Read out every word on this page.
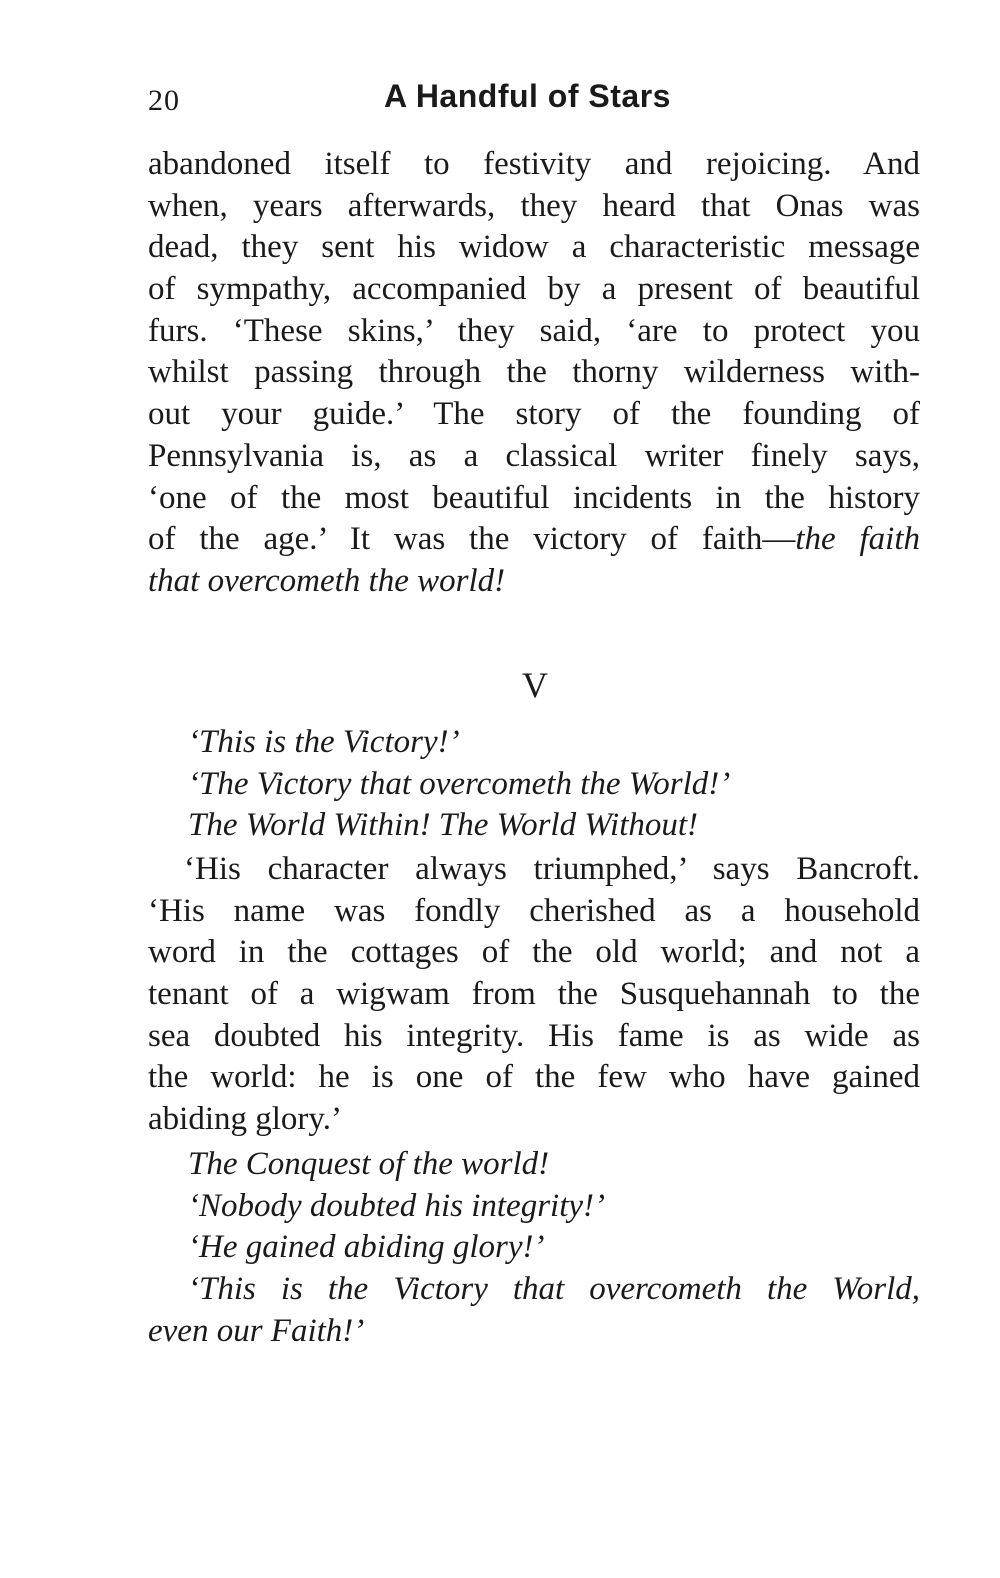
20	A Handful of Stars
abandoned itself to festivity and rejoicing. And
when, years afterwards, they heard that Onas was
dead, they sent his widow a characteristic message
of sympathy, accompanied by a present of beautiful
furs. ‘These skins,’ they said, ‘are to protect you
whilst passing through the thorny wilderness with-
out your guide.’ The story of the founding of
Pennsylvania is, as a classical writer finely says,
‘one of the most beautiful incidents in the history
of the age.’ It was the victory of faith—the faith
that overcometh the world!
V
‘This is the Victory!’
‘The Victory that overcometh the World!’
The World Within! The World Without!
‘His character always triumphed,’ says Bancroft.
‘His name was fondly cherished as a household
word in the cottages of the old world; and not a
tenant of a wigwam from the Susquehannah to the
sea doubted his integrity. His fame is as wide as
the world: he is one of the few who have gained
abiding glory.’
The Conquest of the world!
‘Nobody doubted his integrity!’
‘He gained abiding glory!’
‘This is the Victory that overcometh the World,
even our Faith!’
